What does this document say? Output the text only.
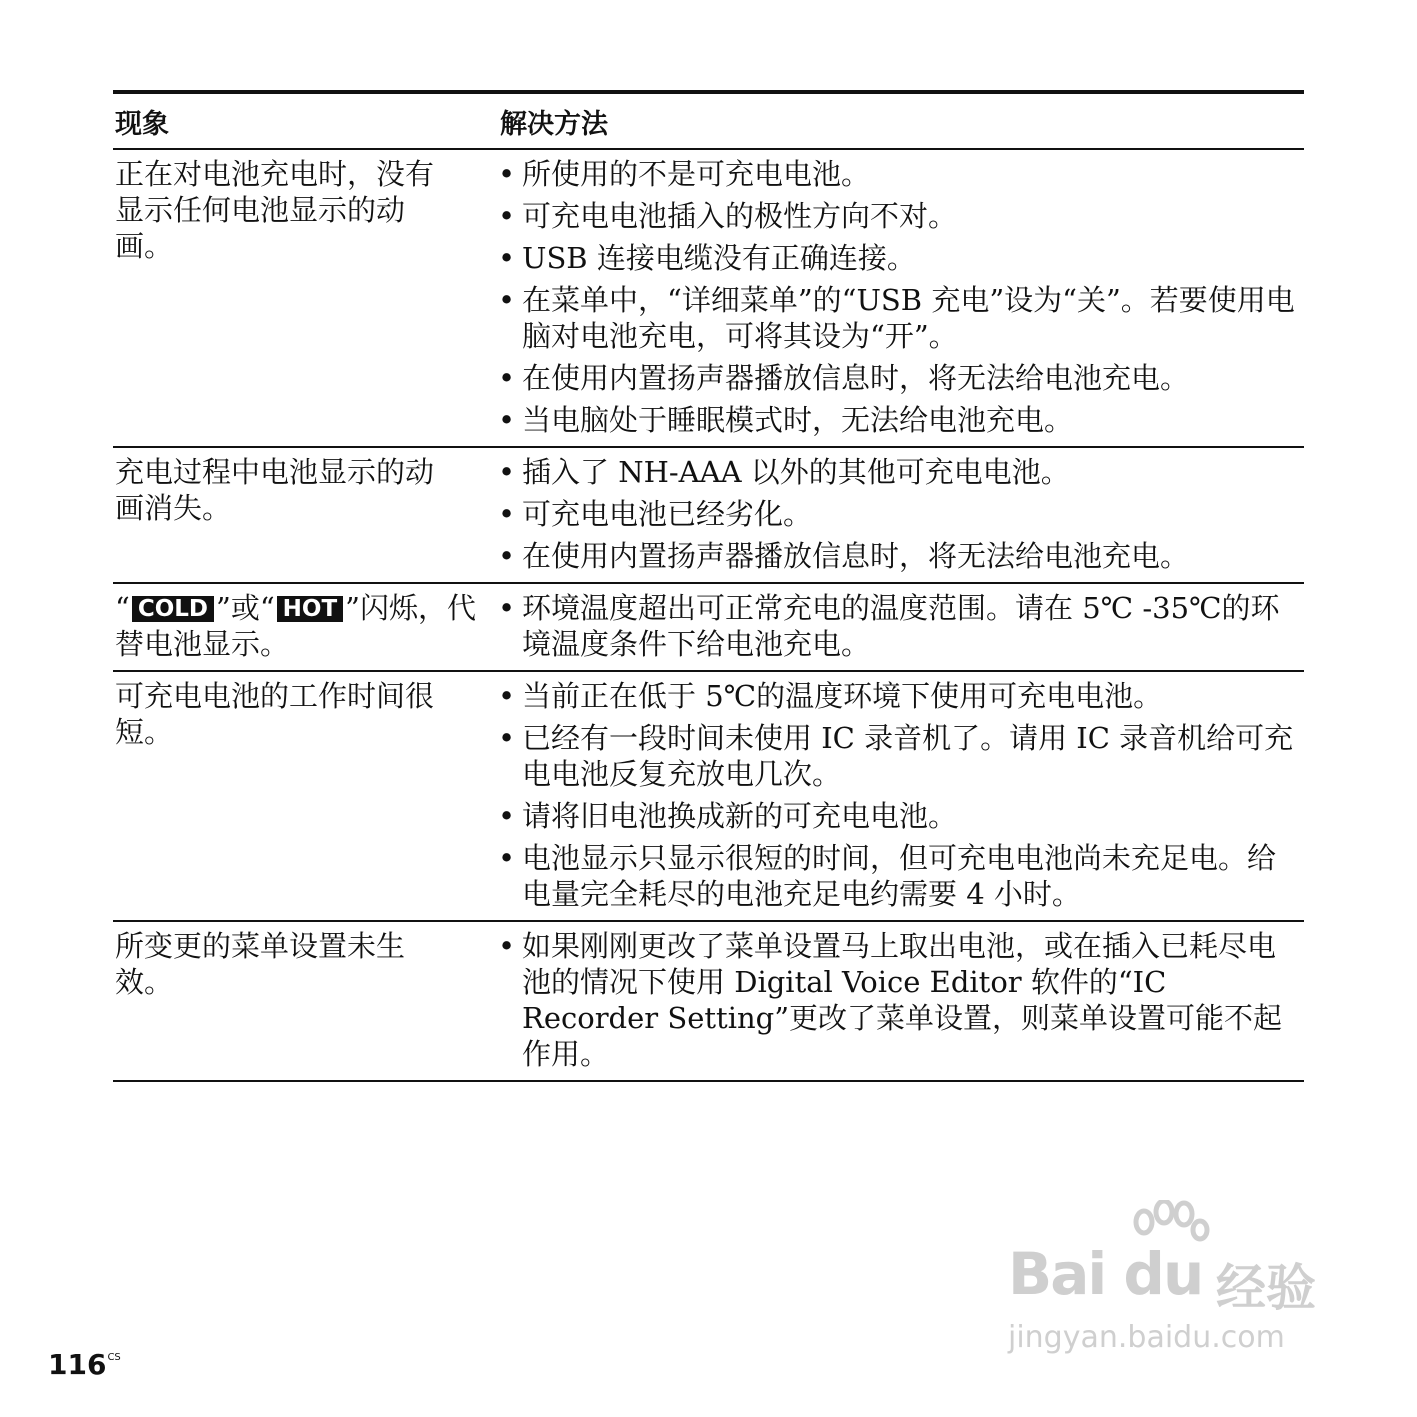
现象	解决方法
正在对电池充电时，没有显示任何电池显示的动画。
• 所使用的不是可充电电池。
• 可充电电池插入的极性方向不对。
• USB 连接电缆没有正确连接。
• 在菜单中，“详细菜单”的“USB 充电”设为“关”。若要使用电脑对电池充电，可将其设为“开”。
• 在使用内置扬声器播放信息时，将无法给电池充电。
• 当电脑处于睡眠模式时，无法给电池充电。
充电过程中电池显示的动画消失。
• 插入了 NH-AAA 以外的其他可充电电池。
• 可充电电池已经劣化。
• 在使用内置扬声器播放信息时，将无法给电池充电。
“ COLD ”或“ HOT ”闪烁，代替电池显示。
• 环境温度超出可正常充电的温度范围。请在 5℃ -35℃的环境温度条件下给电池充电。
可充电电池的工作时间很短。
• 当前正在低于 5℃的温度环境下使用可充电电池。
• 已经有一段时间未使用 IC 录音机了。请用 IC 录音机给可充电电池反复充放电几次。
• 请将旧电池换成新的可充电电池。
• 电池显示只显示很短的时间，但可充电电池尚未充足电。给电量完全耗尽的电池充足电约需要 4 小时。
所变更的菜单设置未生效。
• 如果刚刚更改了菜单设置马上取出电池，或在插入已耗尽电池的情况下使用 Digital Voice Editor 软件的“IC Recorder Setting”更改了菜单设置，则菜单设置可能不起作用。
Bai du 经验
jingyan.baidu.com
$116^{CS}$
